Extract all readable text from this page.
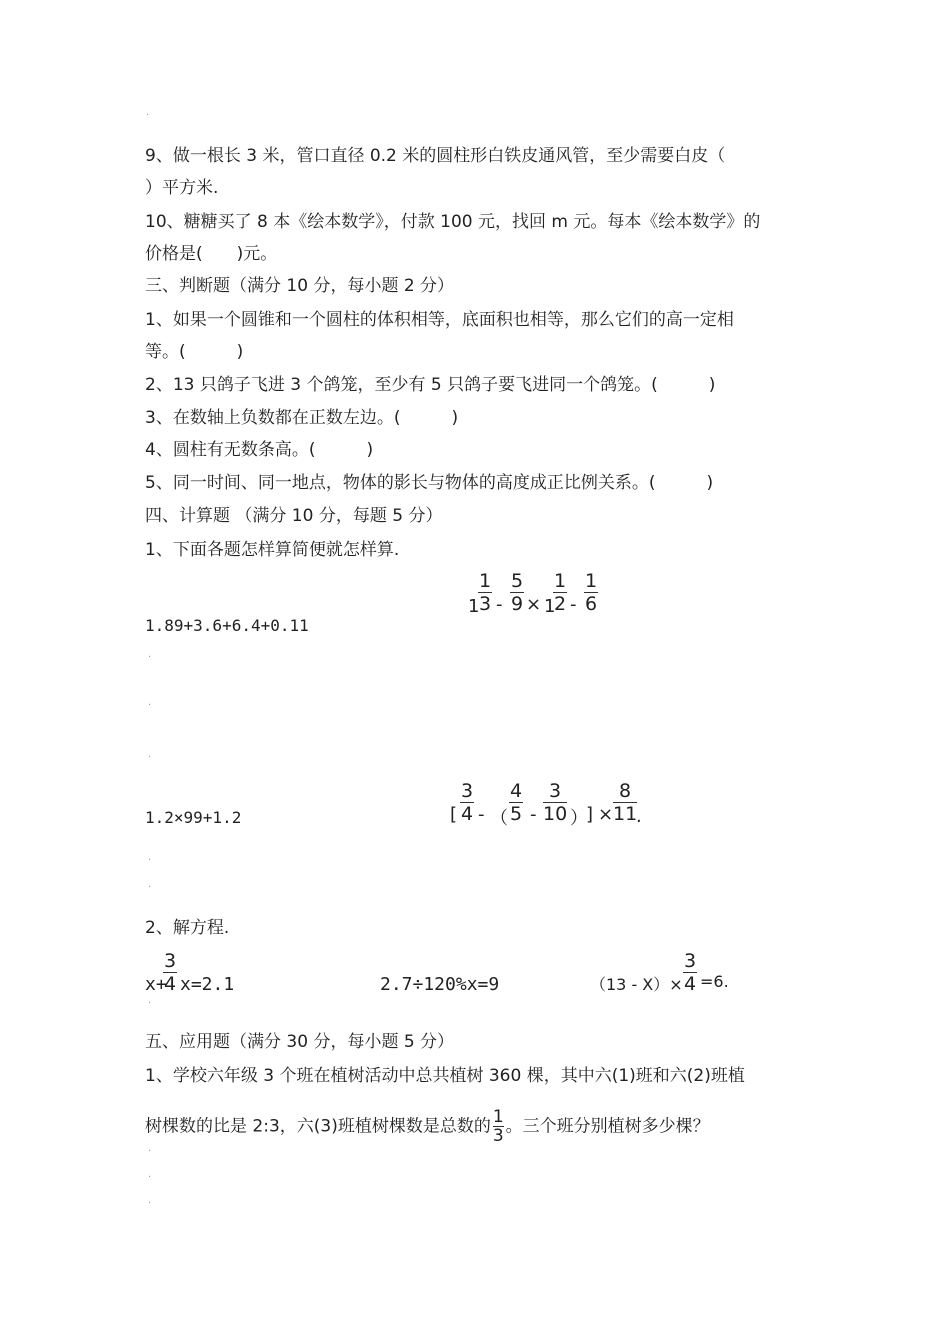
·
9、做一根长 3 米，管口直径 0.2 米的圆柱形白铁皮通风管，至少需要白皮（
）平方米.
10、糖糖买了 8 本《绘本数学》，付款 100 元，找回 m 元。每本《绘本数学》的
价格是(　　)元。
三、判断题（满分 10 分，每小题 2 分）
1、如果一个圆锥和一个圆柱的体积相等，底面积也相等，那么它们的高一定相
等。(　　　)
2、13 只鸽子飞进 3 个鸽笼，至少有 5 只鸽子要飞进同一个鸽笼。(　　　)
3、在数轴上负数都在正数左边。(　　　)
4、圆柱有无数条高。(　　　)
5、同一时间、同一地点，物体的影长与物体的高度成正比例关系。(　　　)
四、计算题 （满分 10 分，每题 5 分）
1、下面各题怎样算简便就怎样算.
1
$\frac{1}{3} - \frac{5}{9} \times 1$
$\frac{1}{2} - \frac{1}{6}$
1.89+3.6+6.4+0.11
·
·
·
1.2×99+1.2	[ $\frac{3}{4}$ - （ $\frac{4}{5} - \frac{3}{10}$ ）
] × $\frac{8}{11}$
.
·
·
2、解方程.
x+
$\frac{3}{4} x=2.1$	2.7÷120%x=9	$(13 - X)\times \frac{3}{4} =6$.
·
五、应用题（满分 30 分，每小题 5 分）
1、学校六年级 3 个班在植树活动中总共植树 360 棵，其中六(1)班和六(2)班植
树棵数的比是 2:3，六(3)班植树棵数是总数的 $\frac{1}{3}$ 。三个班分别植树多少棵？
·
·
·
